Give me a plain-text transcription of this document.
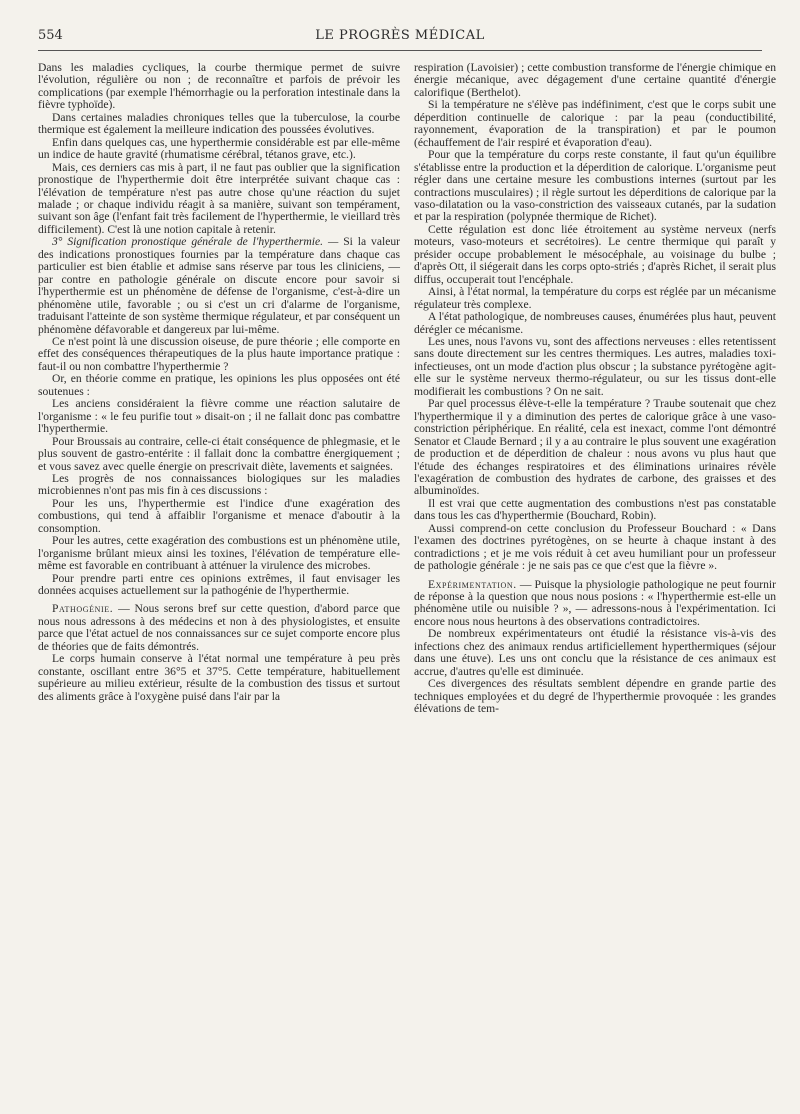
554	LE PROGRÈS MÉDICAL

Dans les maladies cycliques, la courbe thermique permet de suivre l'évolution, régulière ou non ; de reconnaître et parfois de prévoir les complications (par exemple l'hémorrhagie ou la perforation intestinale dans la fièvre typhoïde).

Dans certaines maladies chroniques telles que la tuberculose, la courbe thermique est également la meilleure indication des poussées évolutives.

Enfin dans quelques cas, une hyperthermie considérable est par elle-même un indice de haute gravité (rhumatisme cérébral, tétanos grave, etc.).

Mais, ces derniers cas mis à part, il ne faut pas oublier que la signification pronostique de l'hyperthermie doit être interprétée suivant chaque cas : l'élévation de température n'est pas autre chose qu'une réaction du sujet malade ; or chaque individu réagit à sa manière, suivant son tempérament, suivant son âge (l'enfant fait très facilement de l'hyperthermie, le vieillard très difficilement). C'est là une notion capitale à retenir.

3° Signification pronostique générale de l'hyperthermie. — Si la valeur des indications pronostiques fournies par la température dans chaque cas particulier est bien établie et admise sans réserve par tous les cliniciens, — par contre en pathologie générale on discute encore pour savoir si l'hyperthermie est un phénomène de défense de l'organisme, c'est-à-dire un phénomène utile, favorable ; ou si c'est un cri d'alarme de l'organisme, traduisant l'atteinte de son système thermique régulateur, et par conséquent un phénomène défavorable et dangereux par lui-même.

Ce n'est point là une discussion oiseuse, de pure théorie ; elle comporte en effet des conséquences thérapeutiques de la plus haute importance pratique : faut-il ou non combattre l'hyperthermie ?

Or, en théorie comme en pratique, les opinions les plus opposées ont été soutenues :

Les anciens considéraient la fièvre comme une réaction salutaire de l'organisme : « le feu purifie tout » disait-on ; il ne fallait donc pas combattre l'hyperthermie.

Pour Broussais au contraire, celle-ci était conséquence de phlegmasie, et le plus souvent de gastro-entérite : il fallait donc la combattre énergiquement ; et vous savez avec quelle énergie on prescrivait diète, lavements et saignées.

Les progrès de nos connaissances biologiques sur les maladies microbiennes n'ont pas mis fin à ces discussions :

Pour les uns, l'hyperthermie est l'indice d'une exagération des combustions, qui tend à affaiblir l'organisme et menace d'aboutir à la consomption.

Pour les autres, cette exagération des combustions est un phénomène utile, l'organisme brûlant mieux ainsi les toxines, l'élévation de température elle-même est favorable en contribuant à atténuer la virulence des microbes.

Pour prendre parti entre ces opinions extrêmes, il faut envisager les données acquises actuellement sur la pathogénie de l'hyperthermie.

Pathogénie. — Nous serons bref sur cette question, d'abord parce que nous nous adressons à des médecins et non à des physiologistes, et ensuite parce que l'état actuel de nos connaissances sur ce sujet comporte encore plus de théories que de faits démontrés.

Le corps humain conserve à l'état normal une température à peu près constante, oscillant entre 36°5 et 37°5. Cette température, habituellement supérieure au milieu extérieur, résulte de la combustion des tissus et surtout des aliments grâce à l'oxygène puisé dans l'air par la

respiration (Lavoisier) ; cette combustion transforme de l'énergie chimique en énergie mécanique, avec dégagement d'une certaine quantité d'énergie calorifique (Berthelot).

Si la température ne s'élève pas indéfiniment, c'est que le corps subit une déperdition continuelle de calorique : par la peau (conductibilité, rayonnement, évaporation de la transpiration) et par le poumon (échauffement de l'air respiré et évaporation d'eau).

Pour que la température du corps reste constante, il faut qu'un équilibre s'établisse entre la production et la déperdition de calorique. L'organisme peut régler dans une certaine mesure les combustions internes (surtout par les contractions musculaires) ; il règle surtout les déperditions de calorique par la vaso-dilatation ou la vaso-constriction des vaisseaux cutanés, par la sudation et par la respiration (polypnée thermique de Richet).

Cette régulation est donc liée étroitement au système nerveux (nerfs moteurs, vaso-moteurs et secrétoires). Le centre thermique qui paraît y présider occupe probablement le mésocéphale, au voisinage du bulbe ; d'après Ott, il siégerait dans les corps opto-striés ; d'après Richet, il serait plus diffus, occuperait tout l'encéphale.

Ainsi, à l'état normal, la température du corps est réglée par un mécanisme régulateur très complexe.

A l'état pathologique, de nombreuses causes, énumérées plus haut, peuvent dérégler ce mécanisme.

Les unes, nous l'avons vu, sont des affections nerveuses : elles retentissent sans doute directement sur les centres thermiques. Les autres, maladies toxi-infectieuses, ont un mode d'action plus obscur ; la substance pyrétogène agit-elle sur le système nerveux thermo-régulateur, ou sur les tissus dont-elle modifierait les combustions ? On ne sait.

Par quel processus élève-t-elle la température ? Traube soutenait que chez l'hyperthermique il y a diminution des pertes de calorique grâce à une vaso-constriction périphérique. En réalité, cela est inexact, comme l'ont démontré Senator et Claude Bernard ; il y a au contraire le plus souvent une exagération de production et de déperdition de chaleur : nous avons vu plus haut que l'étude des échanges respiratoires et des éliminations urinaires révèle l'exagération de combustion des hydrates de carbone, des graisses et des albuminoïdes.

Il est vrai que cette augmentation des combustions n'est pas constatable dans tous les cas d'hyperthermie (Bouchard, Robin).

Aussi comprend-on cette conclusion du Professeur Bouchard : « Dans l'examen des doctrines pyrétogènes, on se heurte à chaque instant à des contradictions ; et je me vois réduit à cet aveu humiliant pour un professeur de pathologie générale : je ne sais pas ce que c'est que la fièvre ».

Expérimentation. — Puisque la physiologie pathologique ne peut fournir de réponse à la question que nous nous posions : « l'hyperthermie est-elle un phénomène utile ou nuisible ? », — adressons-nous à l'expérimentation. Ici encore nous nous heurtons à des observations contradictoires.

De nombreux expérimentateurs ont étudié la résistance vis-à-vis des infections chez des animaux rendus artificiellement hyperthermiques (séjour dans une étuve). Les uns ont conclu que la résistance de ces animaux est accrue, d'autres qu'elle est diminuée.

Ces divergences des résultats semblent dépendre en grande partie des techniques employées et du degré de l'hyperthermie provoquée : les grandes élévations de tem-
